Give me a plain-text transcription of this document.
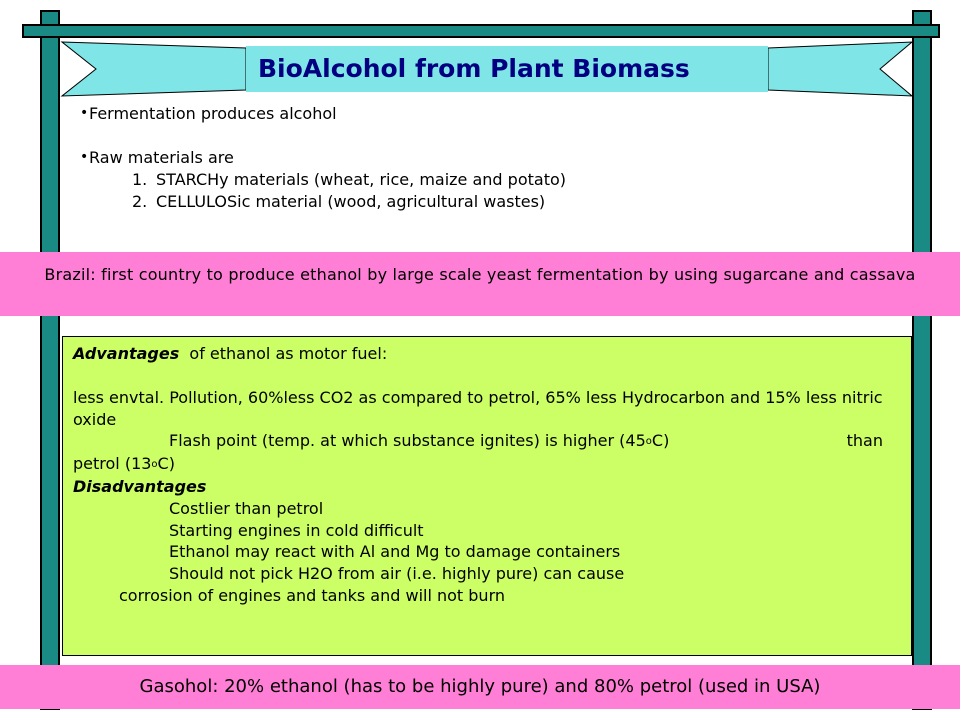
BioAlcohol from Plant Biomass
• Fermentation produces alcohol
• Raw materials are
1. STARCHy materials (wheat, rice, maize and potato)
2. CELLULOSic material (wood, agricultural wastes)
Brazil: first country to produce ethanol by large scale yeast fermentation by using sugarcane and cassava
Advantages of ethanol as motor fuel:
less envtal. Pollution, 60%less CO2 as compared to petrol, 65% less Hydrocarbon and 15% less nitric oxide
Flash point (temp. at which substance ignites) is higher (45$^o$C)	than
petrol (13$^o$C)
Disadvantages
Costlier than petrol
Starting engines in cold difficult
Ethanol may react with Al and Mg to damage containers
Should not pick H2O from air (i.e. highly pure) can cause
corrosion of engines and tanks and will not burn
Gasohol: 20% ethanol (has to be highly pure) and 80% petrol (used in USA)
